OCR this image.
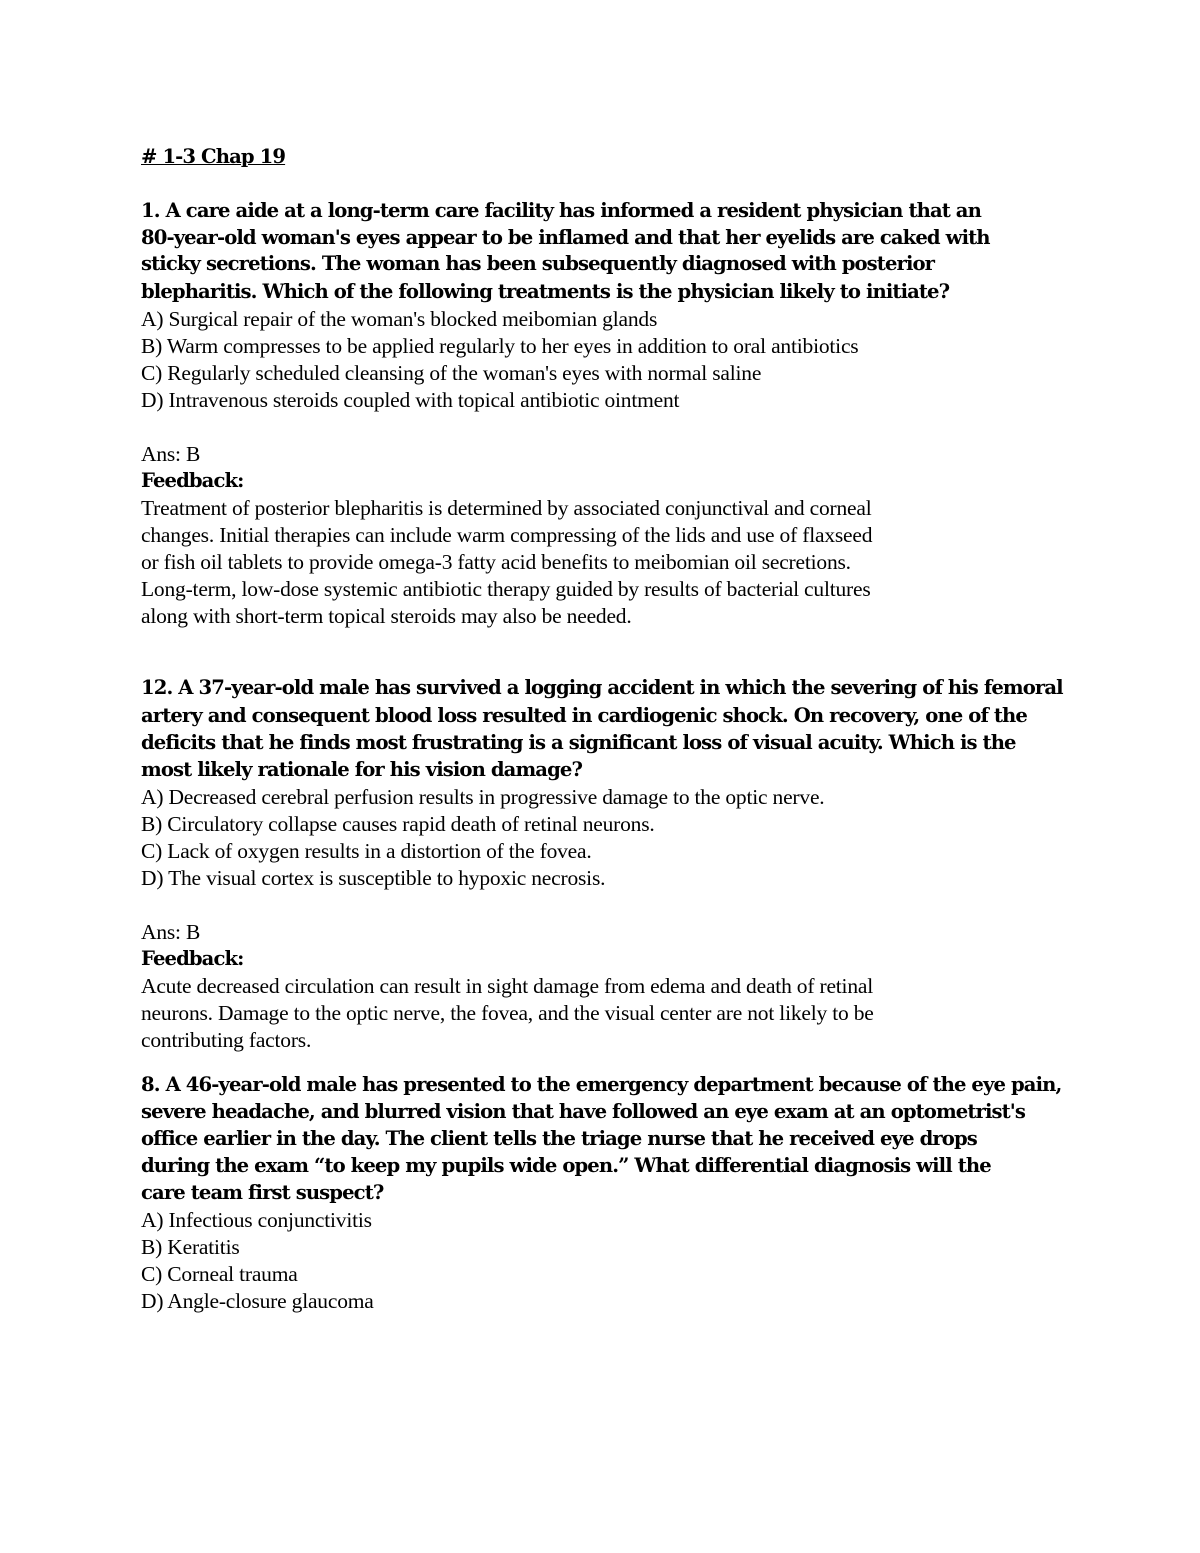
# 1-3 Chap 19

1. A care aide at a long-term care facility has informed a resident physician that an

80-year-old woman's eyes appear to be inflamed and that her eyelids are caked with

sticky secretions. The woman has been subsequently diagnosed with posterior

blepharitis. Which of the following treatments is the physician likely to initiate?

A) Surgical repair of the woman's blocked meibomian glands

B) Warm compresses to be applied regularly to her eyes in addition to oral antibiotics

C) Regularly scheduled cleansing of the woman's eyes with normal saline

D) Intravenous steroids coupled with topical antibiotic ointment

Ans: B

Feedback:

Treatment of posterior blepharitis is determined by associated conjunctival and corneal

changes. Initial therapies can include warm compressing of the lids and use of flaxseed

or fish oil tablets to provide omega-3 fatty acid benefits to meibomian oil secretions.

Long-term, low-dose systemic antibiotic therapy guided by results of bacterial cultures

along with short-term topical steroids may also be needed.

12. A 37-year-old male has survived a logging accident in which the severing of his femoral

artery and consequent blood loss resulted in cardiogenic shock. On recovery, one of the

deficits that he finds most frustrating is a significant loss of visual acuity. Which is the

most likely rationale for his vision damage?

A) Decreased cerebral perfusion results in progressive damage to the optic nerve.

B) Circulatory collapse causes rapid death of retinal neurons.

C) Lack of oxygen results in a distortion of the fovea.

D) The visual cortex is susceptible to hypoxic necrosis.

Ans: B

Feedback:

Acute decreased circulation can result in sight damage from edema and death of retinal

neurons. Damage to the optic nerve, the fovea, and the visual center are not likely to be

contributing factors.

8. A 46-year-old male has presented to the emergency department because of the eye pain,

severe headache, and blurred vision that have followed an eye exam at an optometrist's

office earlier in the day. The client tells the triage nurse that he received eye drops

during the exam “to keep my pupils wide open.” What differential diagnosis will the

care team first suspect?

A) Infectious conjunctivitis

B) Keratitis

C) Corneal trauma

D) Angle-closure glaucoma
